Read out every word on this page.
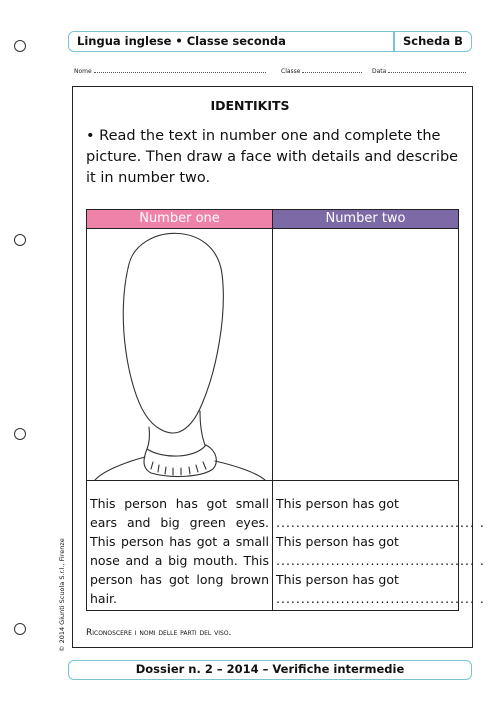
Lingua inglese • Classe seconda	Scheda B
Nome	Classe	Data
IDENTIKITS
• Read the text in number one and complete the picture. Then draw a face with details and describe it in number two.
Number one	Number two
This person has got small ears and big green eyes. This person has got a small nose and a big mouth. This person has got long brown hair.
This person has got
........................................ .
This person has got
........................................ .
This person has got
........................................ .
Riconoscere i nomi delle parti del viso.
Dossier n. 2 – 2014 – Verifiche intermedie
© 2014 Giunti Scuola S.r.l., Firenze
